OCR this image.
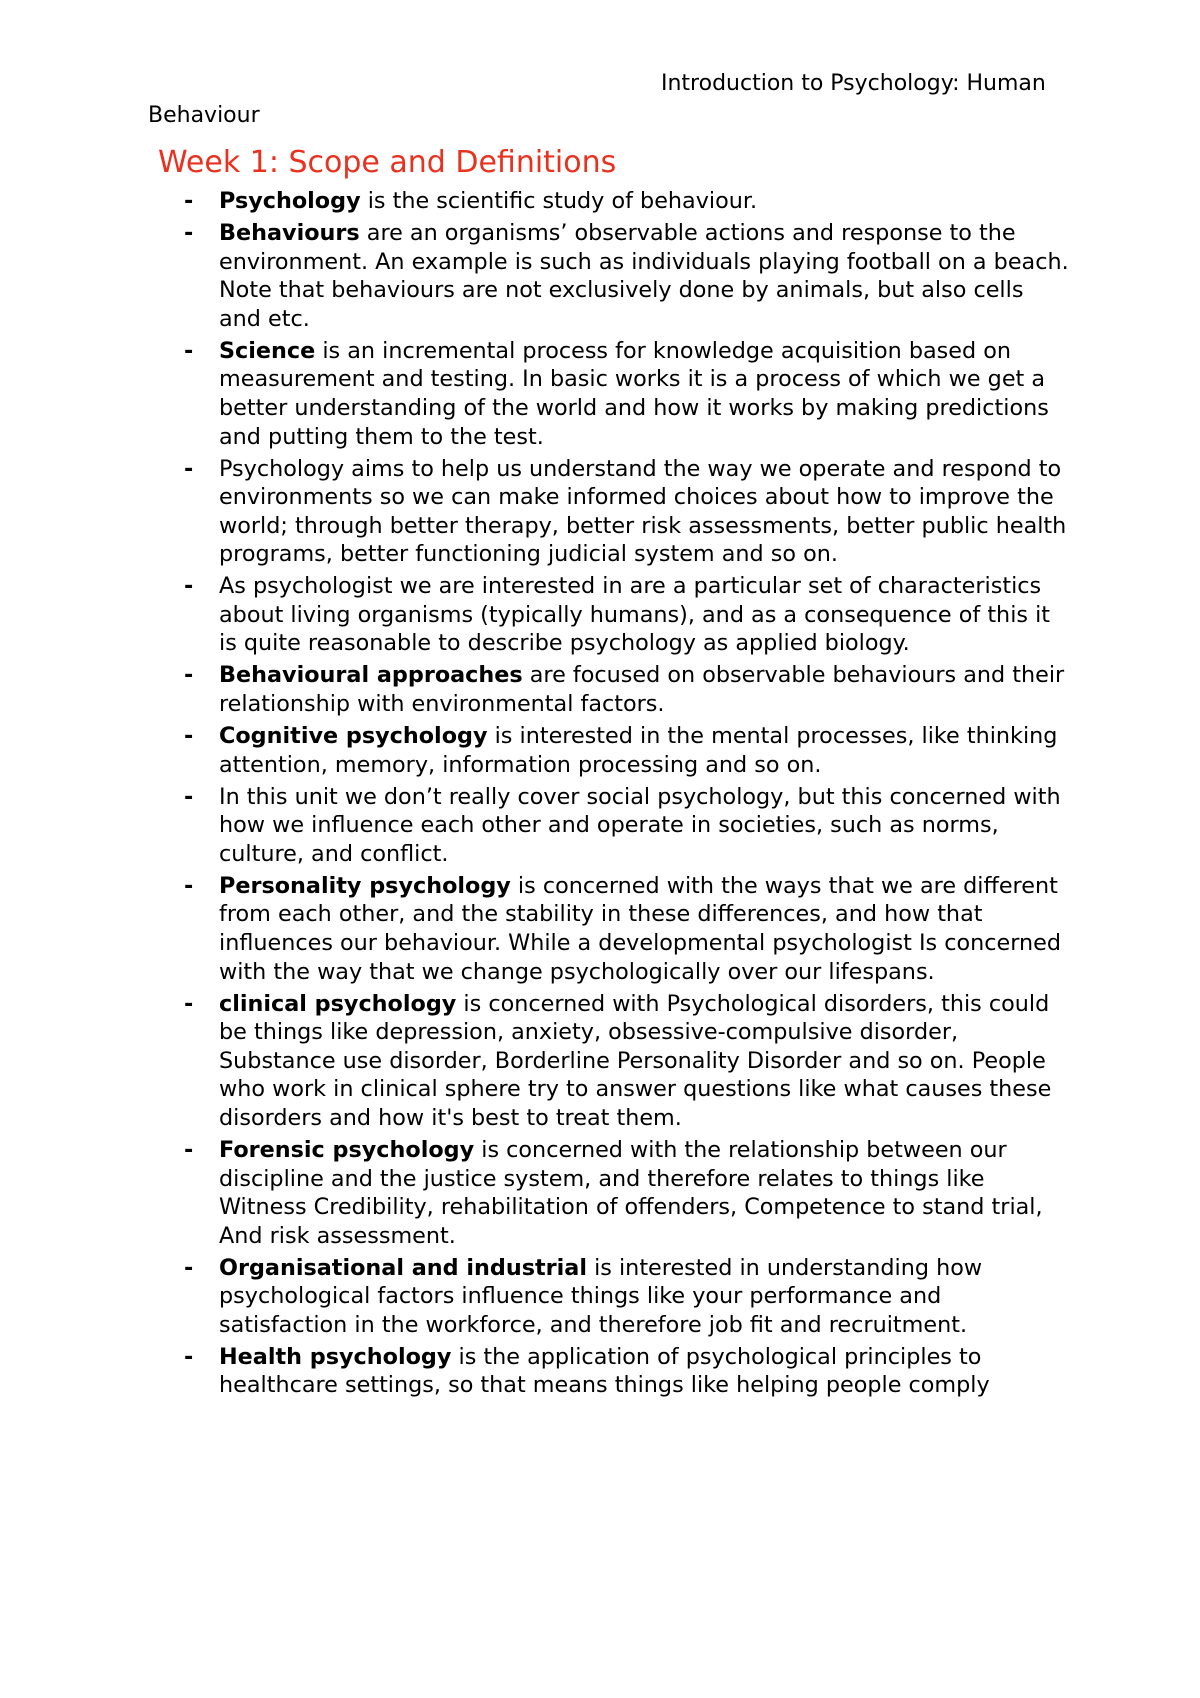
Introduction to Psychology: Human Behaviour
Week 1: Scope and Definitions
- Psychology is the scientific study of behaviour.
- Behaviours are an organisms’ observable actions and response to the environment. An example is such as individuals playing football on a beach. Note that behaviours are not exclusively done by animals, but also cells and etc.
- Science is an incremental process for knowledge acquisition based on measurement and testing. In basic works it is a process of which we get a better understanding of the world and how it works by making predictions and putting them to the test.
- Psychology aims to help us understand the way we operate and respond to environments so we can make informed choices about how to improve the world; through better therapy, better risk assessments, better public health programs, better functioning judicial system and so on.
- As psychologist we are interested in are a particular set of characteristics about living organisms (typically humans), and as a consequence of this it is quite reasonable to describe psychology as applied biology.
- Behavioural approaches are focused on observable behaviours and their relationship with environmental factors.
- Cognitive psychology is interested in the mental processes, like thinking attention, memory, information processing and so on.
- In this unit we don’t really cover social psychology, but this concerned with how we influence each other and operate in societies, such as norms, culture, and conflict.
- Personality psychology is concerned with the ways that we are different from each other, and the stability in these differences, and how that influences our behaviour. While a developmental psychologist Is concerned with the way that we change psychologically over our lifespans.
- clinical psychology is concerned with Psychological disorders, this could be things like depression, anxiety, obsessive-compulsive disorder, Substance use disorder, Borderline Personality Disorder and so on. People who work in clinical sphere try to answer questions like what causes these disorders and how it's best to treat them.
- Forensic psychology is concerned with the relationship between our discipline and the justice system, and therefore relates to things like Witness Credibility, rehabilitation of offenders, Competence to stand trial, And risk assessment.
- Organisational and industrial is interested in understanding how psychological factors influence things like your performance and satisfaction in the workforce, and therefore job fit and recruitment.
- Health psychology is the application of psychological principles to healthcare settings, so that means things like helping people comply
